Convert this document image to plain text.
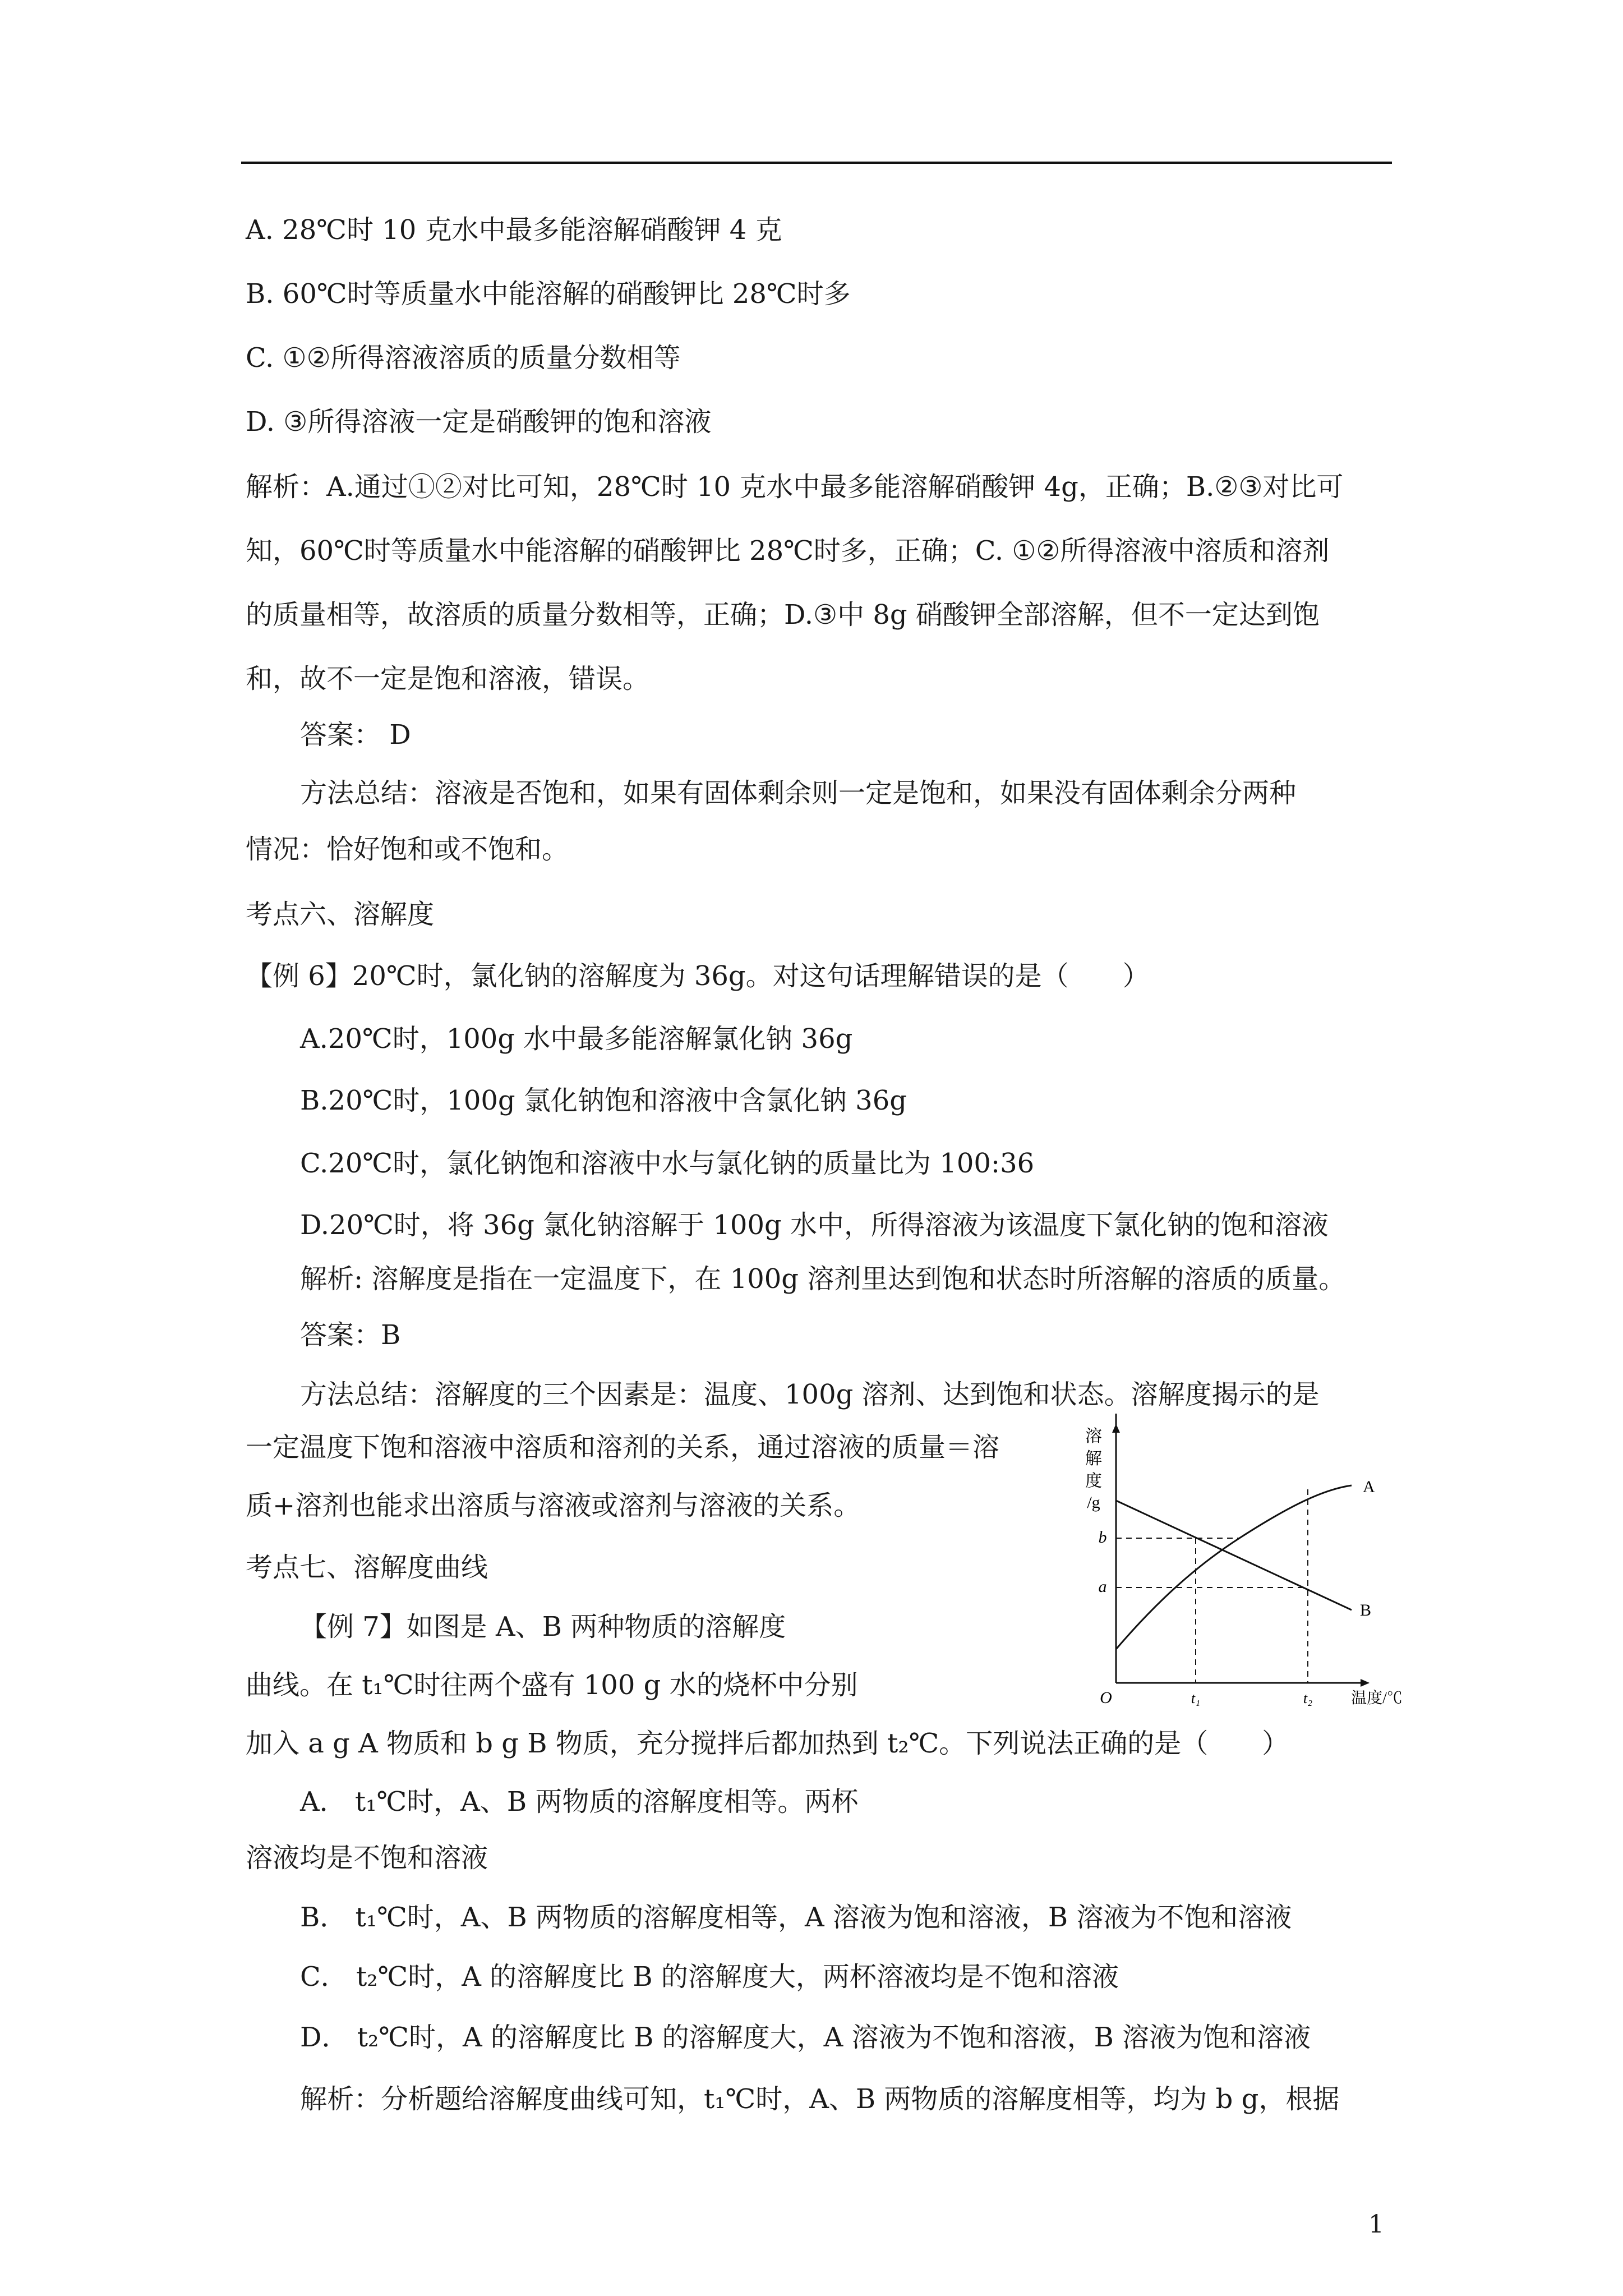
A. 28℃时 10 克水中最多能溶解硝酸钾 4 克
B. 60℃时等质量水中能溶解的硝酸钾比 28℃时多
C. ①②所得溶液溶质的质量分数相等
D. ③所得溶液一定是硝酸钾的饱和溶液
解析：A.通过①②对比可知，28℃时 10 克水中最多能溶解硝酸钾 4g，正确；B.②③对比可
知，60℃时等质量水中能溶解的硝酸钾比 28℃时多，正确；C. ①②所得溶液中溶质和溶剂
的质量相等，故溶质的质量分数相等，正确；D.③中 8g 硝酸钾全部溶解，但不一定达到饱
和，故不一定是饱和溶液，错误。
答案： D
方法总结：溶液是否饱和，如果有固体剩余则一定是饱和，如果没有固体剩余分两种
情况：恰好饱和或不饱和。
考点六、溶解度
【例 6】20℃时，氯化钠的溶解度为 36g。对这句话理解错误的是（　　）
A.20℃时，100g 水中最多能溶解氯化钠 36g
B.20℃时，100g 氯化钠饱和溶液中含氯化钠 36g
C.20℃时，氯化钠饱和溶液中水与氯化钠的质量比为 100:36
D.20℃时，将 36g 氯化钠溶解于 100g 水中，所得溶液为该温度下氯化钠的饱和溶液
解析: 溶解度是指在一定温度下，在 100g 溶剂里达到饱和状态时所溶解的溶质的质量。
答案：B
方法总结：溶解度的三个因素是：温度、100g 溶剂、达到饱和状态。溶解度揭示的是
一定温度下饱和溶液中溶质和溶剂的关系，通过溶液的质量＝溶
质+溶剂也能求出溶质与溶液或溶剂与溶液的关系。
考点七、溶解度曲线
【例 7】如图是 A、B 两种物质的溶解度
曲线。在 t₁℃时往两个盛有 100 g 水的烧杯中分别
加入 a g A 物质和 b g B 物质，充分搅拌后都加热到 t₂℃。下列说法正确的是（　　）
A． t₁℃时，A、B 两物质的溶解度相等。两杯
溶液均是不饱和溶液
B． t₁℃时，A、B 两物质的溶解度相等，A 溶液为饱和溶液，B 溶液为不饱和溶液
C． t₂℃时，A 的溶解度比 B 的溶解度大，两杯溶液均是不饱和溶液
D． t₂℃时，A 的溶解度比 B 的溶解度大，A 溶液为不饱和溶液，B 溶液为饱和溶液
解析：分析题给溶解度曲线可知，t₁℃时，A、B 两物质的溶解度相等，均为 b g，根据
溶
解
度
/g
b
a
t₁	t₂
O	温度/℃
A
B
1
